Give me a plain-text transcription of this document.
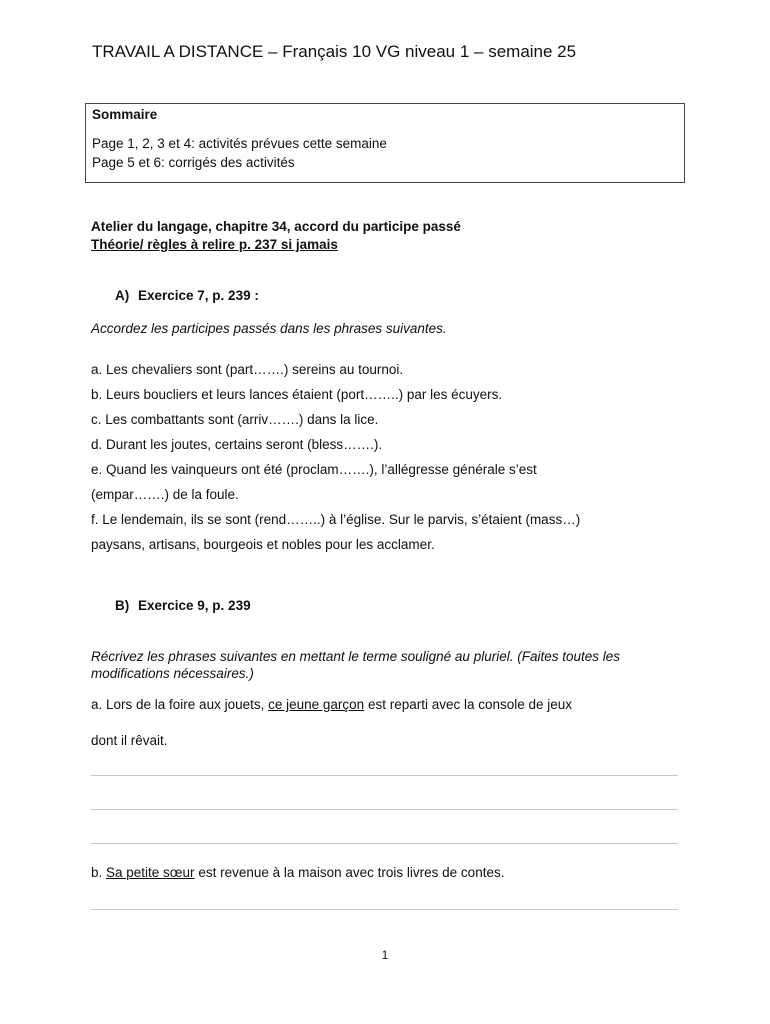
TRAVAIL A DISTANCE – Français 10 VG niveau 1 – semaine 25
Sommaire
Page 1, 2, 3 et 4: activités prévues cette semaine
Page 5 et 6: corrigés des activités
Atelier du langage, chapitre 34, accord du participe passé
Théorie/ règles à relire p. 237 si jamais
A) Exercice 7, p. 239 :
Accordez les participes passés dans les phrases suivantes.
a. Les chevaliers sont (part…….) sereins au tournoi.
b. Leurs boucliers et leurs lances étaient (port……..) par les écuyers.
c. Les combattants sont (arriv…….) dans la lice.
d. Durant les joutes, certains seront (bless…….).
e. Quand les vainqueurs ont été (proclam…….), l’allégresse générale s’est
(empar…….) de la foule.
f. Le lendemain, ils se sont (rend……..) à l’église. Sur le parvis, s’étaient (mass…)
paysans, artisans, bourgeois et nobles pour les acclamer.
B) Exercice 9, p. 239
Récrivez les phrases suivantes en mettant le terme souligné au pluriel. (Faites toutes les modifications nécessaires.)
a. Lors de la foire aux jouets, ce jeune garçon est reparti avec la console de jeux
dont il rêvait.
b. Sa petite sœur est revenue à la maison avec trois livres de contes.
1
